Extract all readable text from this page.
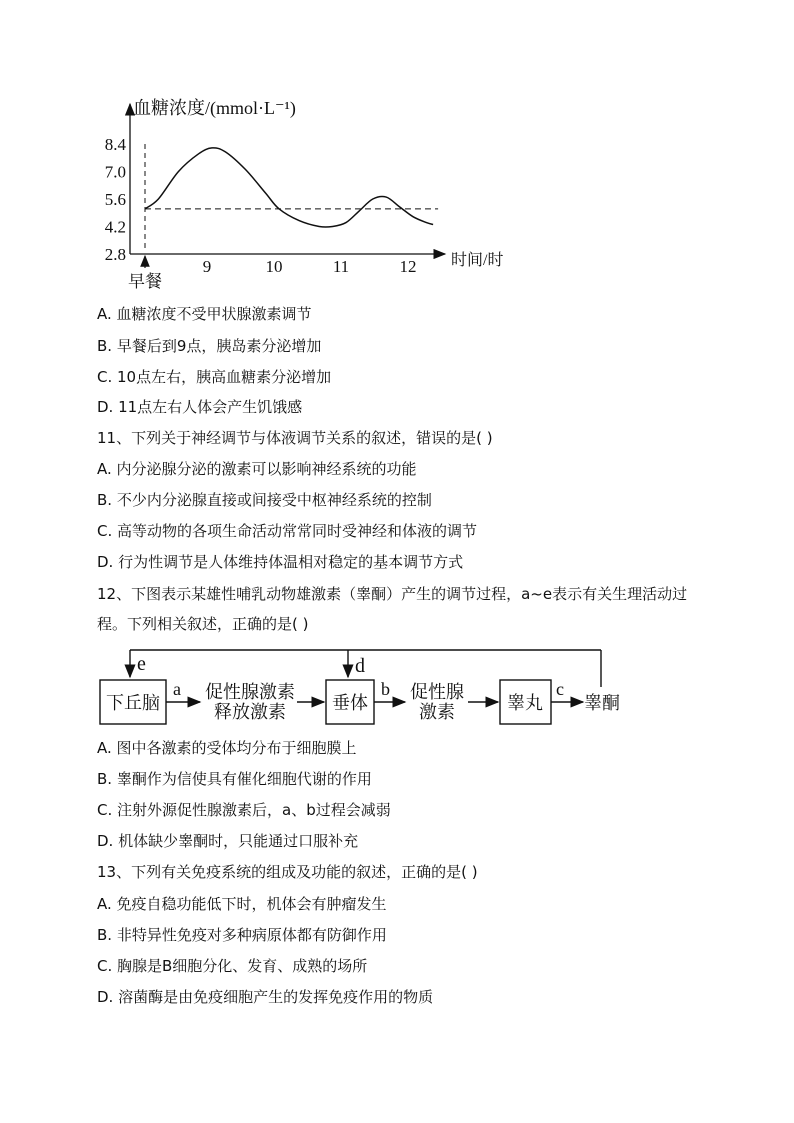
血糖浓度/(mmol·L⁻¹)
时间/时
8.4
7.0
5.6
4.2
2.8
9	10	11	12
早餐
A. 血糖浓度不受甲状腺激素调节
B. 早餐后到9点，胰岛素分泌增加
C. 10点左右，胰高血糖素分泌增加
D. 11点左右人体会产生饥饿感
11、下列关于神经调节与体液调节关系的叙述，错误的是( )
A. 内分泌腺分泌的激素可以影响神经系统的功能
B. 不少内分泌腺直接或间接受中枢神经系统的控制
C. 高等动物的各项生命活动常常同时受神经和体液的调节
D. 行为性调节是人体维持体温相对稳定的基本调节方式
12、下图表示某雄性哺乳动物雄激素（睾酮）产生的调节过程，a~e表示有关生理活动过程。下列相关叙述，正确的是( )
e	d
下丘脑	垂体	睾丸
a 促性腺激素
释放激素
b 促性腺
激素
c
睾酮
A. 图中各激素的受体均分布于细胞膜上
B. 睾酮作为信使具有催化细胞代谢的作用
C. 注射外源促性腺激素后，a、b过程会减弱
D. 机体缺少睾酮时，只能通过口服补充
13、下列有关免疫系统的组成及功能的叙述，正确的是( )
A. 免疫自稳功能低下时，机体会有肿瘤发生
B. 非特异性免疫对多种病原体都有防御作用
C. 胸腺是B细胞分化、发育、成熟的场所
D. 溶菌酶是由免疫细胞产生的发挥免疫作用的物质
